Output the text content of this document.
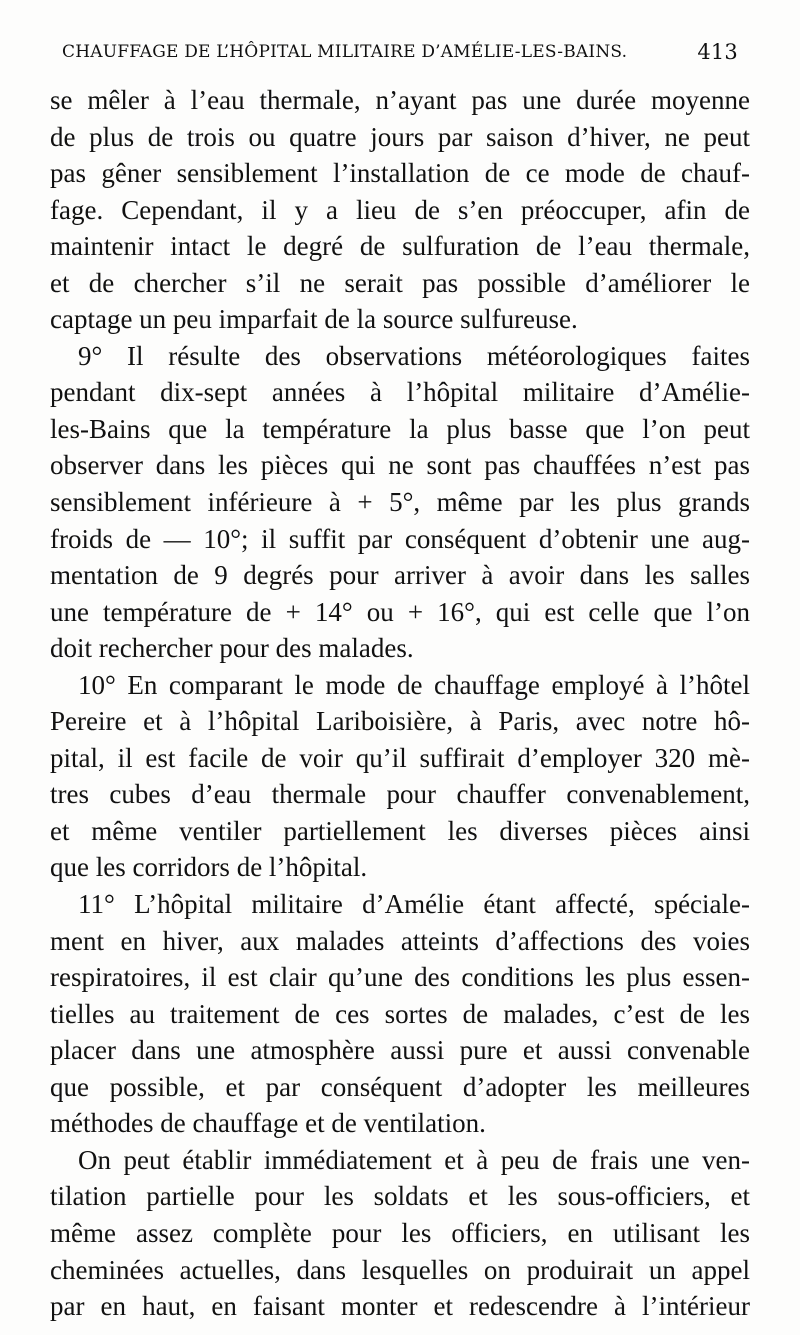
CHAUFFAGE DE L’HÔPITAL MILITAIRE D’AMÉLIE-LES-BAINS.	413
se mêler à l’eau thermale, n’ayant pas une durée moyenne
de plus de trois ou quatre jours par saison d’hiver, ne peut
pas gêner sensiblement l’installation de ce mode de chauf-
fage. Cependant, il y a lieu de s’en préoccuper, afin de
maintenir intact le degré de sulfuration de l’eau thermale,
et de chercher s’il ne serait pas possible d’améliorer le
captage un peu imparfait de la source sulfureuse.
9° Il résulte des observations météorologiques faites
pendant dix-sept années à l’hôpital militaire d’Amélie-
les-Bains que la température la plus basse que l’on peut
observer dans les pièces qui ne sont pas chauffées n’est pas
sensiblement inférieure à + 5°, même par les plus grands
froids de — 10°; il suffit par conséquent d’obtenir une aug-
mentation de 9 degrés pour arriver à avoir dans les salles
une température de + 14° ou + 16°, qui est celle que l’on
doit rechercher pour des malades.
10° En comparant le mode de chauffage employé à l’hôtel
Pereire et à l’hôpital Lariboisière, à Paris, avec notre hô-
pital, il est facile de voir qu’il suffirait d’employer 320 mè-
tres cubes d’eau thermale pour chauffer convenablement,
et même ventiler partiellement les diverses pièces ainsi
que les corridors de l’hôpital.
11° L’hôpital militaire d’Amélie étant affecté, spéciale-
ment en hiver, aux malades atteints d’affections des voies
respiratoires, il est clair qu’une des conditions les plus essen-
tielles au traitement de ces sortes de malades, c’est de les
placer dans une atmosphère aussi pure et aussi convenable
que possible, et par conséquent d’adopter les meilleures
méthodes de chauffage et de ventilation.
On peut établir immédiatement et à peu de frais une ven-
tilation partielle pour les soldats et les sous-officiers, et
même assez complète pour les officiers, en utilisant les
cheminées actuelles, dans lesquelles on produirait un appel
par en haut, en faisant monter et redescendre à l’intérieur
